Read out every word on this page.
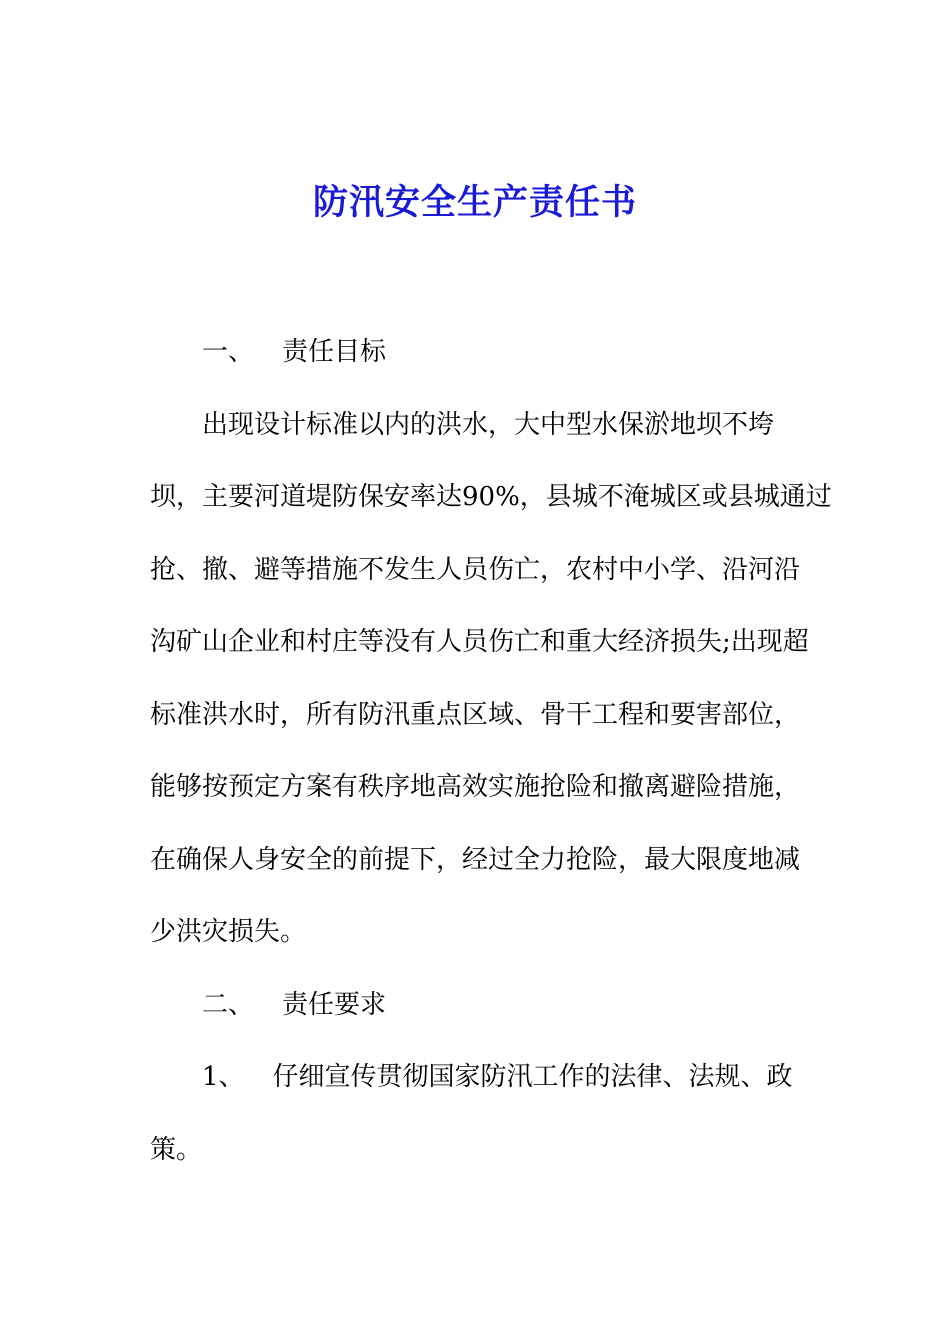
防汛安全生产责任书
一、 责任目标
出现设计标准以内的洪水，大中型水保淤地坝不垮
坝，主要河道堤防保安率达90%，县城不淹城区或县城通过
抢、撤、避等措施不发生人员伤亡，农村中小学、沿河沿
沟矿山企业和村庄等没有人员伤亡和重大经济损失;出现超
标准洪水时，所有防汛重点区域、骨干工程和要害部位，
能够按预定方案有秩序地高效实施抢险和撤离避险措施，
在确保人身安全的前提下，经过全力抢险，最大限度地减
少洪灾损失。
二、 责任要求
1、 仔细宣传贯彻国家防汛工作的法律、法规、政
策。
